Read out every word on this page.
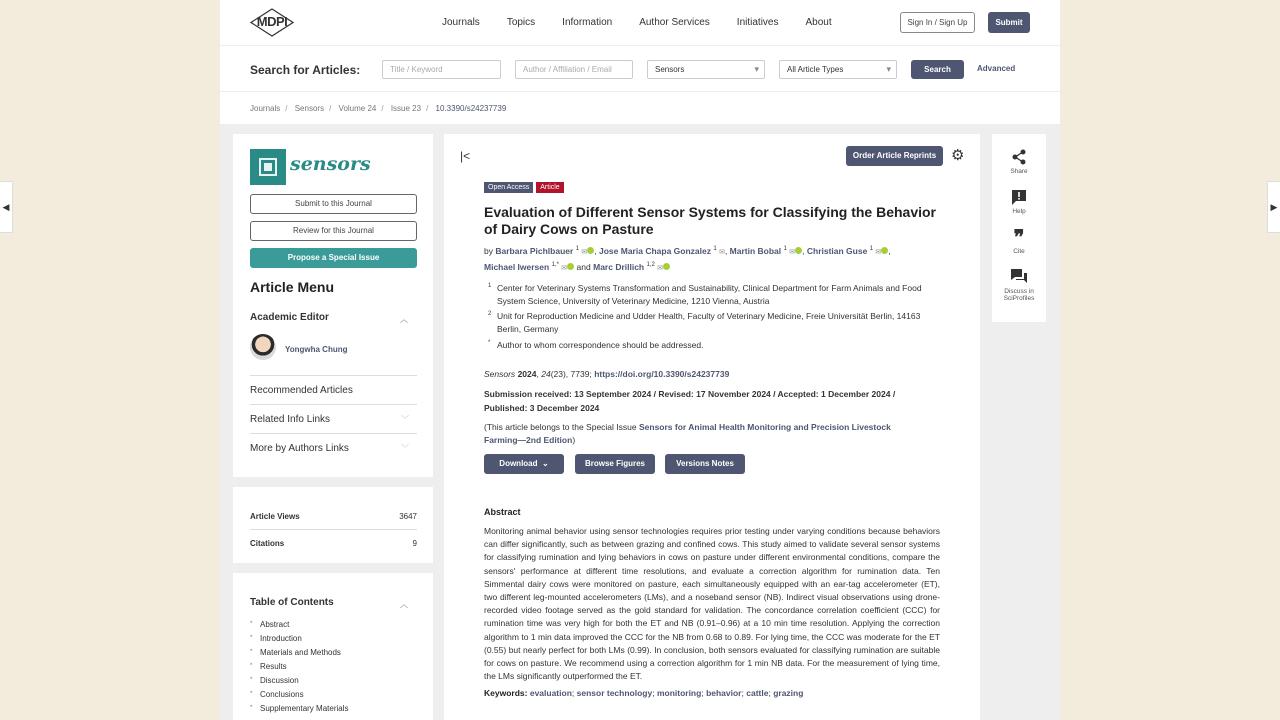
◀	▶
MDPI	Journals	Topics	Information	Author Services	Initiatives	About	Sign In / Sign Up	Submit
Search for Articles:	Title / Keyword	Author / Affiliation / Email	Sensors ▾	All Article Types ▾	Search	Advanced
Journals / Sensors / Volume 24 / Issue 23 / 10.3390/s24237739
sensors
Submit to this Journal
Review for this Journal
Propose a Special Issue
Article Menu
Academic Editor	︿
Yongwha Chung
Recommended Articles
Related Info Links	﹀
More by Authors Links	﹀
Article Views	3647
Citations	9
Table of Contents	︿
▪ Abstract
▪ Introduction
▪ Materials and Methods
▪ Results
▪ Discussion
▪ Conclusions
▪ Supplementary Materials
|<	Order Article Reprints ⚙
Open Access	Article
Evaluation of Different Sensor Systems for Classifying the Behavior of Dairy Cows on Pasture
by Barbara Pichlbauer $^1$ ✉ , Jose Maria Chapa Gonzalez $^1$ ✉, Martin Bobal $^1$ ✉ , Christian Guse $^1$ ✉ ,
Michael Iwersen $^{1,*}$ ✉ and Marc Drillich $^{1,2}$ ✉
1 Center for Veterinary Systems Transformation and Sustainability, Clinical Department for Farm Animals and Food System Science, University of Veterinary Medicine, 1210 Vienna, Austria
2 Unit for Reproduction Medicine and Udder Health, Faculty of Veterinary Medicine, Freie Universität Berlin, 14163 Berlin, Germany
* Author to whom correspondence should be addressed.
Sensors 2024, 24(23), 7739; https://doi.org/10.3390/s24237739
Submission received: 13 September 2024 / Revised: 17 November 2024 / Accepted: 1 December 2024 / Published: 3 December 2024
(This article belongs to the Special Issue Sensors for Animal Health Monitoring and Precision Livestock Farming—2nd Edition)
Download  ⌄	Browse Figures	Versions Notes
Abstract
Monitoring animal behavior using sensor technologies requires prior testing under varying conditions because behaviors can differ significantly, such as between grazing and confined cows. This study aimed to validate several sensor systems for classifying rumination and lying behaviors in cows on pasture under different environmental conditions, compare the sensors' performance at different time resolutions, and evaluate a correction algorithm for rumination data. Ten Simmental dairy cows were monitored on pasture, each simultaneously equipped with an ear-tag accelerometer (ET), two different leg-mounted accelerometers (LMs), and a noseband sensor (NB). Indirect visual observations using drone-recorded video footage served as the gold standard for validation. The concordance correlation coefficient (CCC) for rumination time was very high for both the ET and NB (0.91–0.96) at a 10 min time resolution. Applying the correction algorithm to 1 min data improved the CCC for the NB from 0.68 to 0.89. For lying time, the CCC was moderate for the ET (0.55) but nearly perfect for both LMs (0.99). In conclusion, both sensors evaluated for classifying rumination are suitable for cows on pasture. We recommend using a correction algorithm for 1 min NB data. For the measurement of lying time, the LMs significantly outperformed the ET.
Keywords: evaluation; sensor technology; monitoring; behavior; cattle; grazing
Share
Help
❞
Cite
Discuss in SciProfiles
